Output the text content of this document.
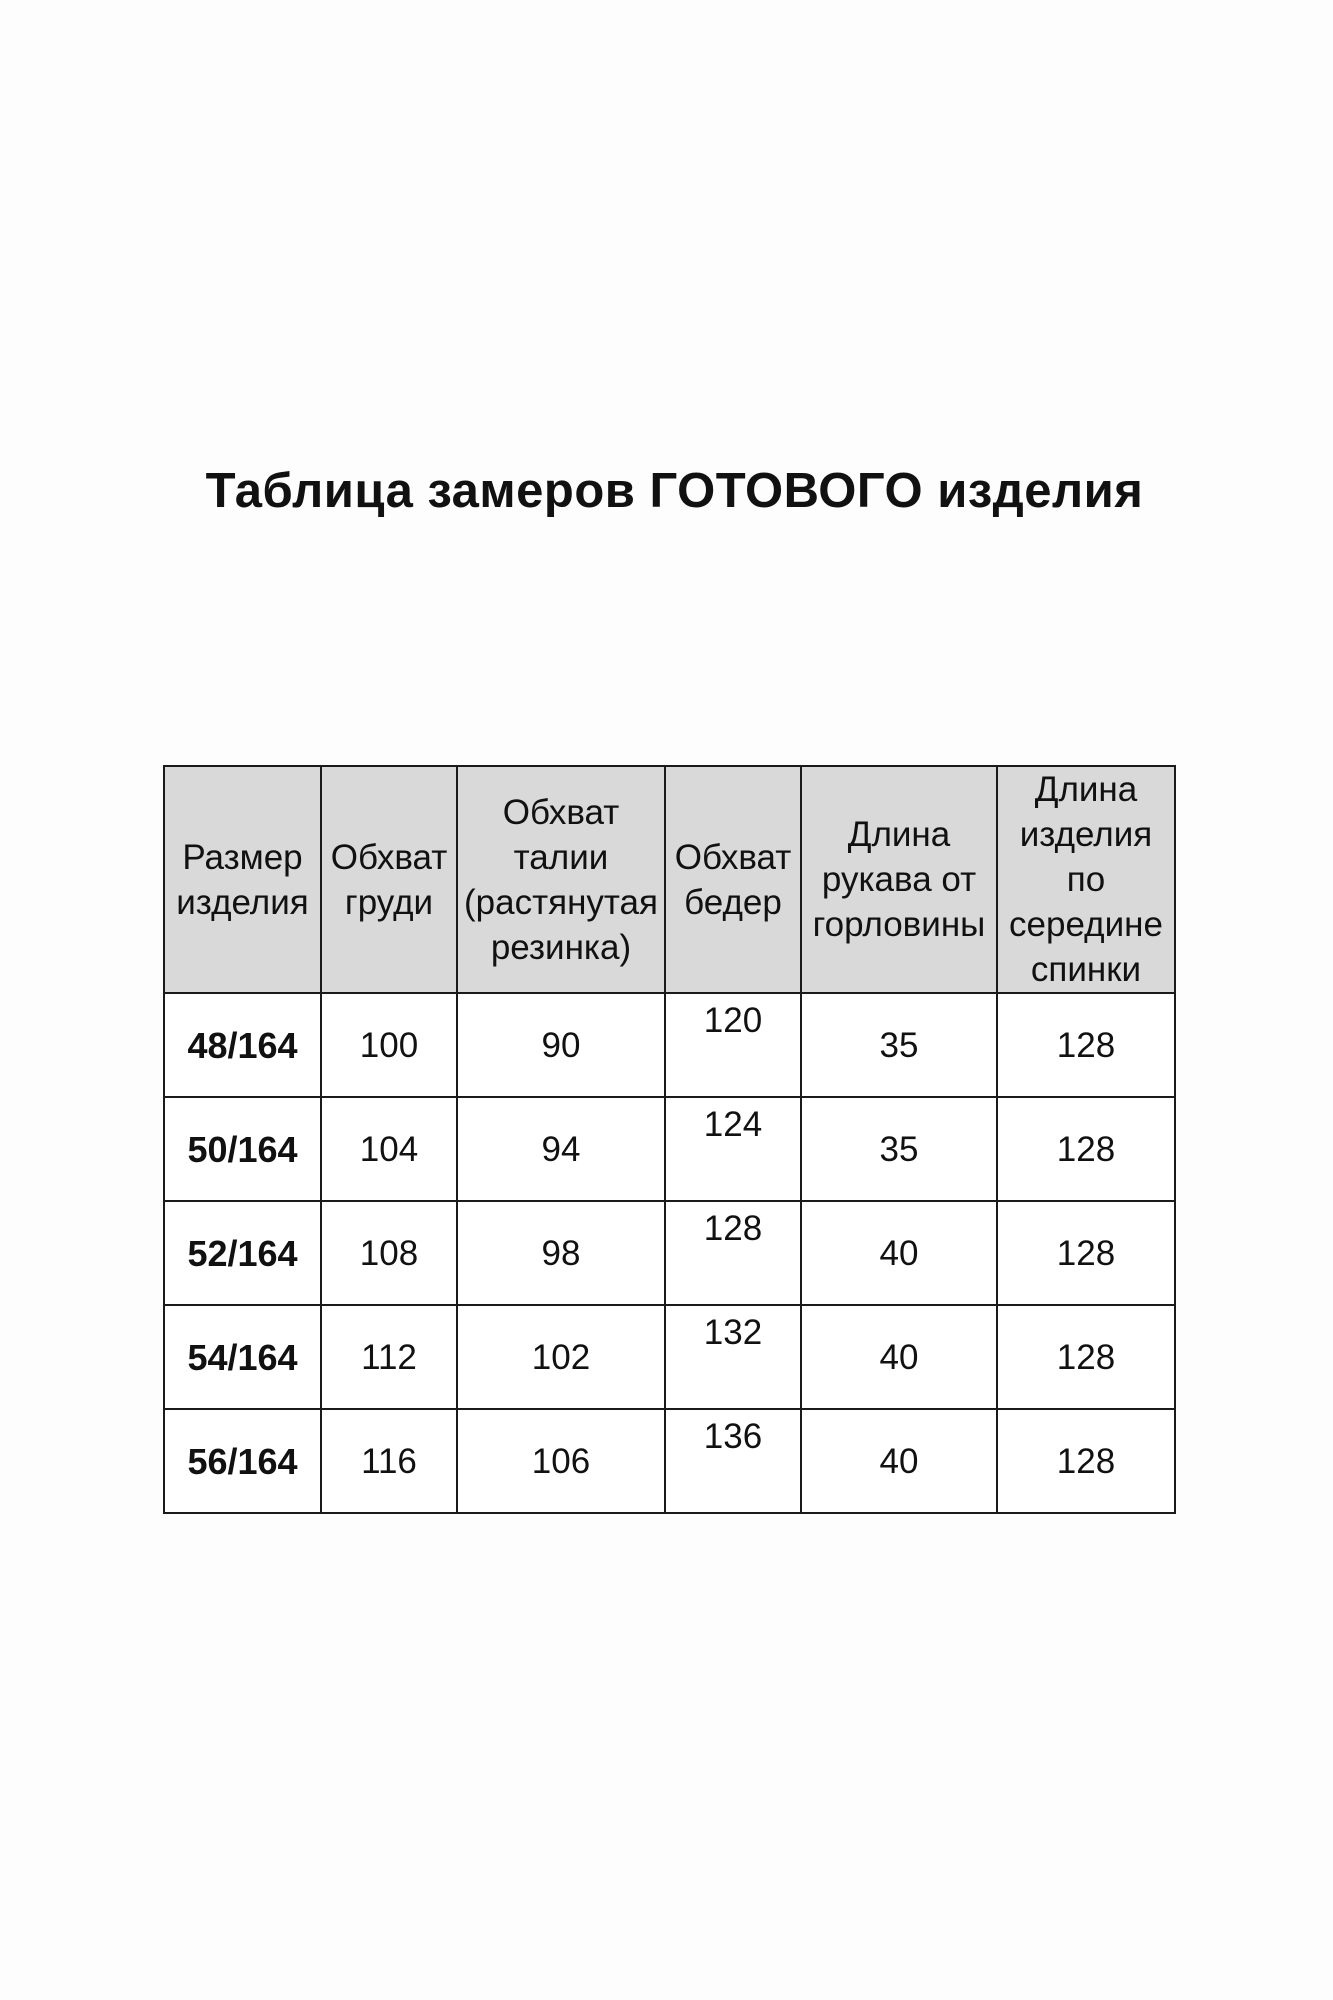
Таблица замеров ГОТОВОГО изделия
Размер
изделия	Обхват
груди	Обхват
талии
(растянутая
резинка)	Обхват
бедер	Длина
рукава от
горловины	Длина
изделия
по
середине
спинки

48/164	100	90	120	35	128
50/164	104	94	124	35	128
52/164	108	98	128	40	128
54/164	112	102	132	40	128
56/164	116	106	136	40	128
